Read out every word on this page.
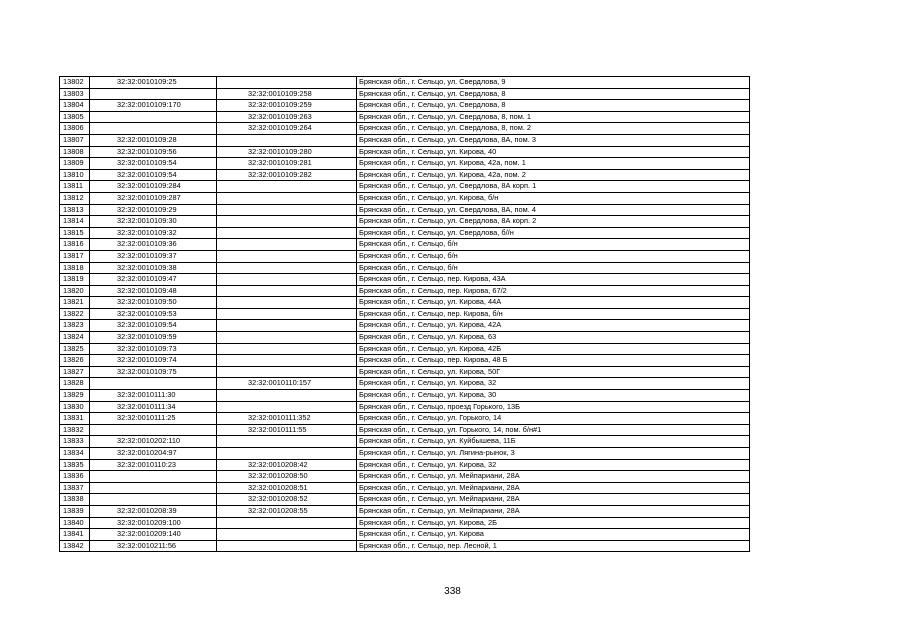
13802	32:32:0010109:25		Брянская обл., г. Сельцо, ул. Свердлова, 9
13803		32:32:0010109:258	Брянская обл., г. Сельцо, ул. Свердлова, 8
13804	32:32:0010109:170	32:32:0010109:259	Брянская обл., г. Сельцо, ул. Свердлова, 8
13805		32:32:0010109:263	Брянская обл., г. Сельцо, ул. Свердлова, 8, пом. 1
13806		32:32:0010109:264	Брянская обл., г. Сельцо, ул. Свердлова, 8, пом. 2
13807	32:32:0010109:28		Брянская обл., г. Сельцо, ул. Свердлова, 8А, пом. 3
13808	32:32:0010109:56	32:32:0010109:280	Брянская обл., г. Сельцо, ул. Кирова, 40
13809	32:32:0010109:54	32:32:0010109:281	Брянская обл., г. Сельцо, ул. Кирова, 42а, пом. 1
13810	32:32:0010109:54	32:32:0010109:282	Брянская обл., г. Сельцо, ул. Кирова, 42а, пом. 2
13811	32:32:0010109:284		Брянская обл., г. Сельцо, ул. Свердлова, 8А корп. 1
13812	32:32:0010109:287		Брянская обл., г. Сельцо, ул. Кирова, б/н
13813	32:32:0010109:29		Брянская обл., г. Сельцо, ул. Свердлова, 8А, пом. 4
13814	32:32:0010109:30		Брянская обл., г. Сельцо, ул. Свердлова, 8А корп. 2
13815	32:32:0010109:32		Брянская обл., г. Сельцо, ул. Свердлова, б//н
13816	32:32:0010109:36		Брянская обл., г. Сельцо, б/н
13817	32:32:0010109:37		Брянская обл., г. Сельцо, б/н
13818	32:32:0010109:38		Брянская обл., г. Сельцо, б/н
13819	32:32:0010109:47		Брянская обл., г. Сельцо, пер. Кирова, 43А
13820	32:32:0010109:48		Брянская обл., г. Сельцо, пер. Кирова, 67/2
13821	32:32:0010109:50		Брянская обл., г. Сельцо, ул. Кирова, 44А
13822	32:32:0010109:53		Брянская обл., г. Сельцо, пер. Кирова, б/н
13823	32:32:0010109:54		Брянская обл., г. Сельцо, ул. Кирова, 42А
13824	32:32:0010109:59		Брянская обл., г. Сельцо, ул. Кирова, 63
13825	32:32:0010109:73		Брянская обл., г. Сельцо, ул. Кирова, 42Б
13826	32:32:0010109:74		Брянская обл., г. Сельцо, пер. Кирова, 48 Б
13827	32:32:0010109:75		Брянская обл., г. Сельцо, ул. Кирова, 50Г
13828		32:32:0010110:157	Брянская обл., г. Сельцо, ул. Кирова, 32
13829	32:32:0010111:30		Брянская обл., г. Сельцо, ул. Кирова, 30
13830	32:32:0010111:34		Брянская обл., г. Сельцо, проезд Горького, 13Б
13831	32:32:0010111:25	32:32:0010111:352	Брянская обл., г. Сельцо, ул. Горького, 14
13832		32:32:0010111:55	Брянская обл., г. Сельцо, ул. Горького, 14, пом. б/н#1
13833	32:32:0010202:110		Брянская обл., г. Сельцо, ул. Куйбышева, 11Б
13834	32:32:0010204:97		Брянская обл., г. Сельцо, ул. Лягина-рынок, 3
13835	32:32:0010110:23	32:32:0010208:42	Брянская обл., г. Сельцо, ул. Кирова, 32
13836		32:32:0010208:50	Брянская обл., г. Сельцо, ул. Мейпариани, 28А
13837		32:32:0010208:51	Брянская обл., г. Сельцо, ул. Мейпариани, 28А
13838		32:32:0010208:52	Брянская обл., г. Сельцо, ул. Мейпариани, 28А
13839	32:32:0010208:39	32:32:0010208:55	Брянская обл., г. Сельцо, ул. Мейпариани, 28А
13840	32:32:0010209:100		Брянская обл., г. Сельцо, ул. Кирова, 2Б
13841	32:32:0010209:140		Брянская обл., г. Сельцо, ул. Кирова
13842	32:32:0010211:56		Брянская обл., г. Сельцо, пер. Лесной, 1
338
